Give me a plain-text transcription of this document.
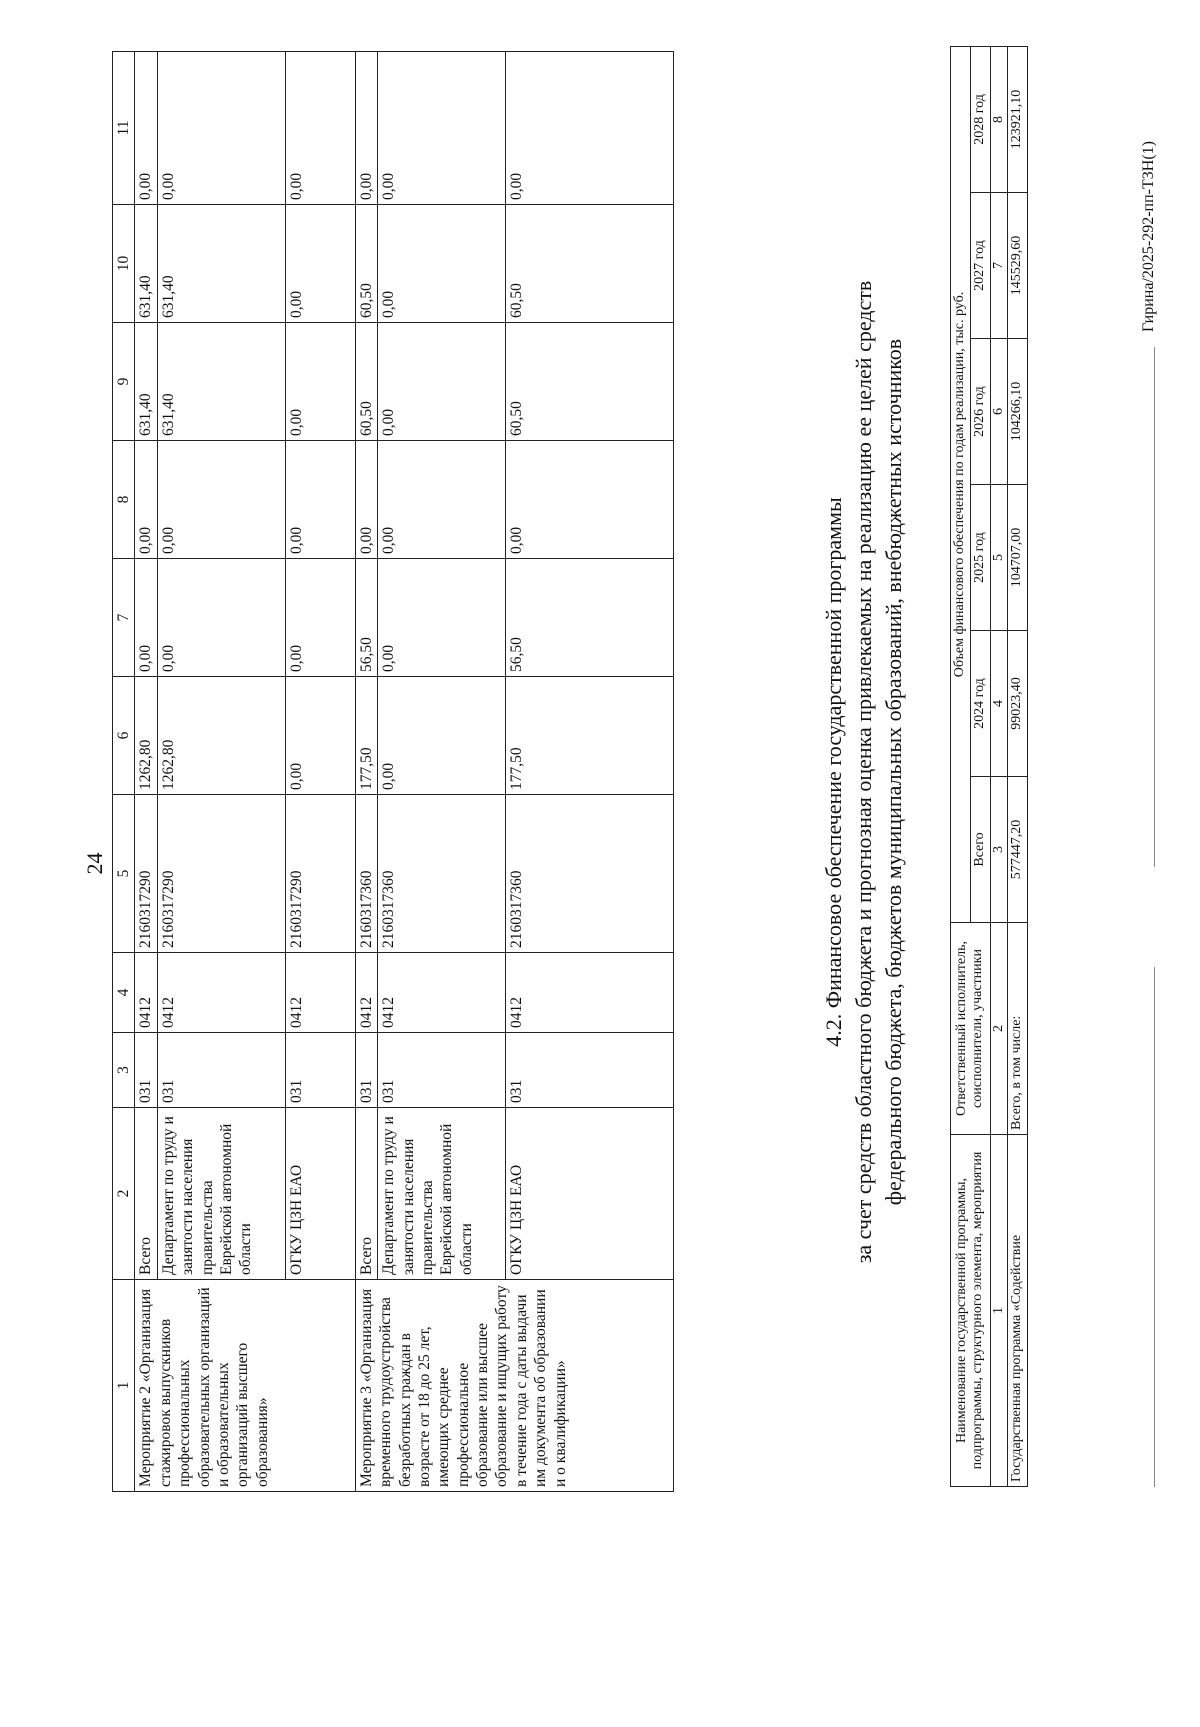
24
1	2	3	4	5	6	7	8	9	10	11
Мероприятие 2 «Организация стажировок выпускников профессиональных образовательных организаций и образовательных организаций высшего образования»	Всего	031	0412	2160317290	1262,80	0,00	0,00	631,40	631,40	0,00
	Департамент по труду и занятости населения правительства Еврейской автономной области	031	0412	2160317290	1262,80	0,00	0,00	631,40	631,40	0,00
	ОГКУ ЦЗН ЕАО	031	0412	2160317290	0,00	0,00	0,00	0,00	0,00	0,00
Мероприятие 3 «Организация временного трудоустройства безработных граждан в возрасте от 18 до 25 лет, имеющих среднее профессиональное образование или высшее образование и ищущих работу в течение года с даты выдачи им документа об образовании и о квалификации»	Всего	031	0412	2160317360	177,50	56,50	0,00	60,50	60,50	0,00
	Департамент по труду и занятости населения правительства Еврейской автономной области	031	0412	2160317360	0,00	0,00	0,00	0,00	0,00	0,00
	ОГКУ ЦЗН ЕАО	031	0412	2160317360	177,50	56,50	0,00	60,50	60,50	0,00
4.2. Финансовое обеспечение государственной программы за счет средств областного бюджета и прогнозная оценка привлекаемых на реализацию ее целей средств федерального бюджета, бюджетов муниципальных образований, внебюджетных источников
Наименование государственной программы, подпрограммы, структурного элемента, мероприятия	Ответственный исполнитель, соисполнители, участники	Объем финансового обеспечения по годам реализации, тыс. руб.					
		Всего	2024 год	2025 год	2026 год	2027 год	2028 год
1	2	3	4	5	6	7	8
Государственная программа «Содействие	Всего, в том числе:	577447,20	99023,40	104707,00	104266,10	145529,60	123921,10
Гирина/2025-292-пп-ТЗН(1)
